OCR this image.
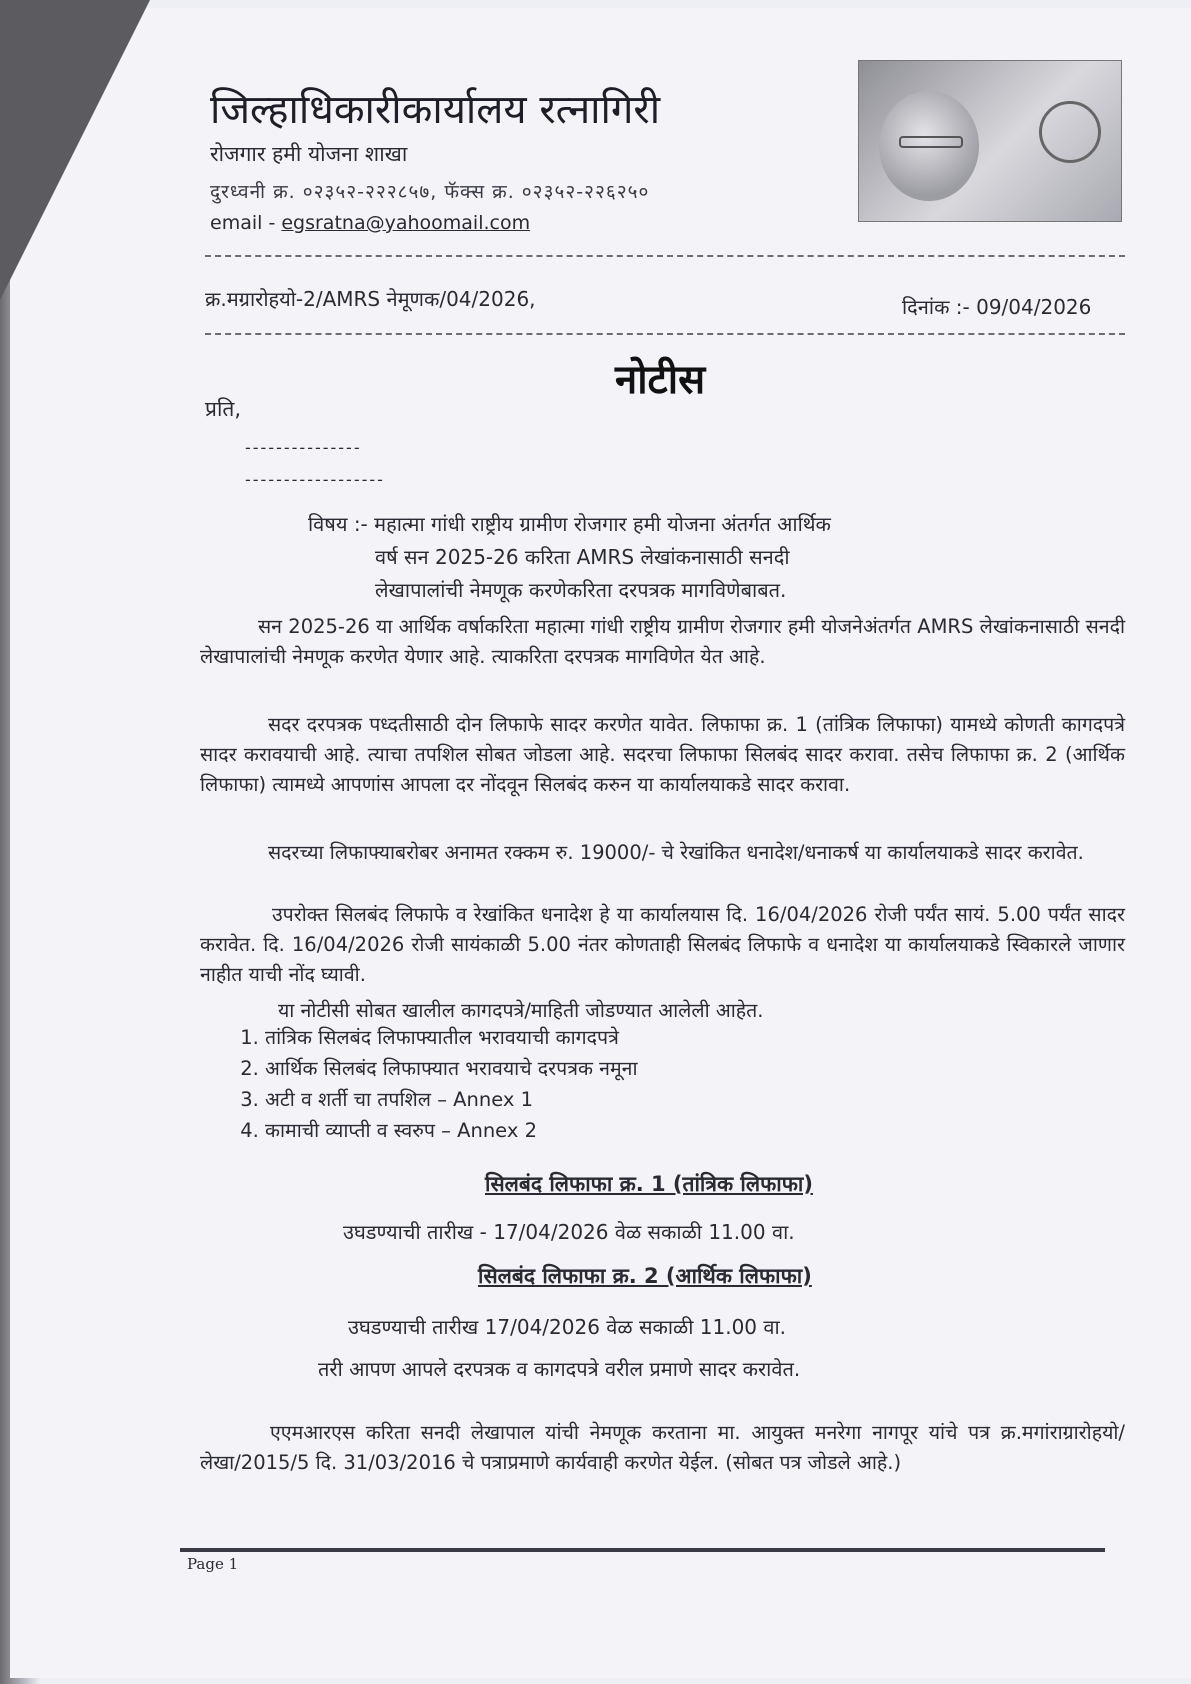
जिल्हाधिकारीकार्यालय रत्नागिरी
रोजगार हमी योजना शाखा
दुरध्वनी क्र. ०२३५२-२२२८५७, फॅक्स क्र. ०२३५२-२२६२५०
email - egsratna@yahoomail.com
क्र.मग्रारोहयो-2/AMRS नेमूणक/04/2026,	दिनांक :- 09/04/2026
नोटीस
प्रति,
---------------
------------------
विषय :- महात्मा गांधी राष्ट्रीय ग्रामीण रोजगार हमी योजना अंतर्गत आर्थिक
वर्ष सन 2025-26 करिता AMRS लेखांकनासाठी सनदी
लेखापालांची नेमणूक करणेकरिता दरपत्रक मागविणेबाबत.
सन 2025-26 या आर्थिक वर्षाकरिता महात्मा गांधी राष्ट्रीय ग्रामीण रोजगार हमी योजनेअंतर्गत AMRS लेखांकनासाठी सनदी लेखापालांची नेमणूक करणेत येणार आहे. त्याकरिता दरपत्रक मागविणेत येत आहे.
सदर दरपत्रक पध्दतीसाठी दोन लिफाफे सादर करणेत यावेत. लिफाफा क्र. 1 (तांत्रिक लिफाफा) यामध्ये कोणती कागदपत्रे सादर करावयाची आहे. त्याचा तपशिल सोबत जोडला आहे. सदरचा लिफाफा सिलबंद सादर करावा. तसेच लिफाफा क्र. 2 (आर्थिक लिफाफा) त्यामध्ये आपणांस आपला दर नोंदवून सिलबंद करुन या कार्यालयाकडे सादर करावा.
सदरच्या लिफाफ्याबरोबर अनामत रक्कम रु. 19000/- चे रेखांकित धनादेश/धनाकर्ष या कार्यालयाकडे सादर करावेत.
उपरोक्त सिलबंद लिफाफे व रेखांकित धनादेश हे या कार्यालयास दि. 16/04/2026 रोजी पर्यंत सायं. 5.00 पर्यंत सादर करावेत. दि. 16/04/2026 रोजी सायंकाळी 5.00 नंतर कोणताही सिलबंद लिफाफे व धनादेश या कार्यालयाकडे स्विकारले जाणार नाहीत याची नोंद घ्यावी.
या नोटीसी सोबत खालील कागदपत्रे/माहिती जोडण्यात आलेली आहेत.
1. तांत्रिक सिलबंद लिफाफ्यातील भरावयाची कागदपत्रे
2. आर्थिक सिलबंद लिफाफ्यात भरावयाचे दरपत्रक नमूना
3. अटी व शर्ती चा तपशिल – Annex 1
4. कामाची व्याप्ती व स्वरुप – Annex 2
सिलबंद लिफाफा क्र. 1 (तांत्रिक लिफाफा)
उघडण्याची तारीख - 17/04/2026 वेळ सकाळी 11.00 वा.
सिलबंद लिफाफा क्र. 2 (आर्थिक लिफाफा)
उघडण्याची तारीख 17/04/2026 वेळ सकाळी 11.00 वा.
तरी आपण आपले दरपत्रक व कागदपत्रे वरील प्रमाणे सादर करावेत.
एएमआरएस करिता सनदी लेखापाल यांची नेमणूक करताना मा. आयुक्त मनरेगा नागपूर यांचे पत्र क्र.मगांराग्रारोहयो/लेखा/2015/5 दि. 31/03/2016 चे पत्राप्रमाणे कार्यवाही करणेत येईल. (सोबत पत्र जोडले आहे.)
Page 1
